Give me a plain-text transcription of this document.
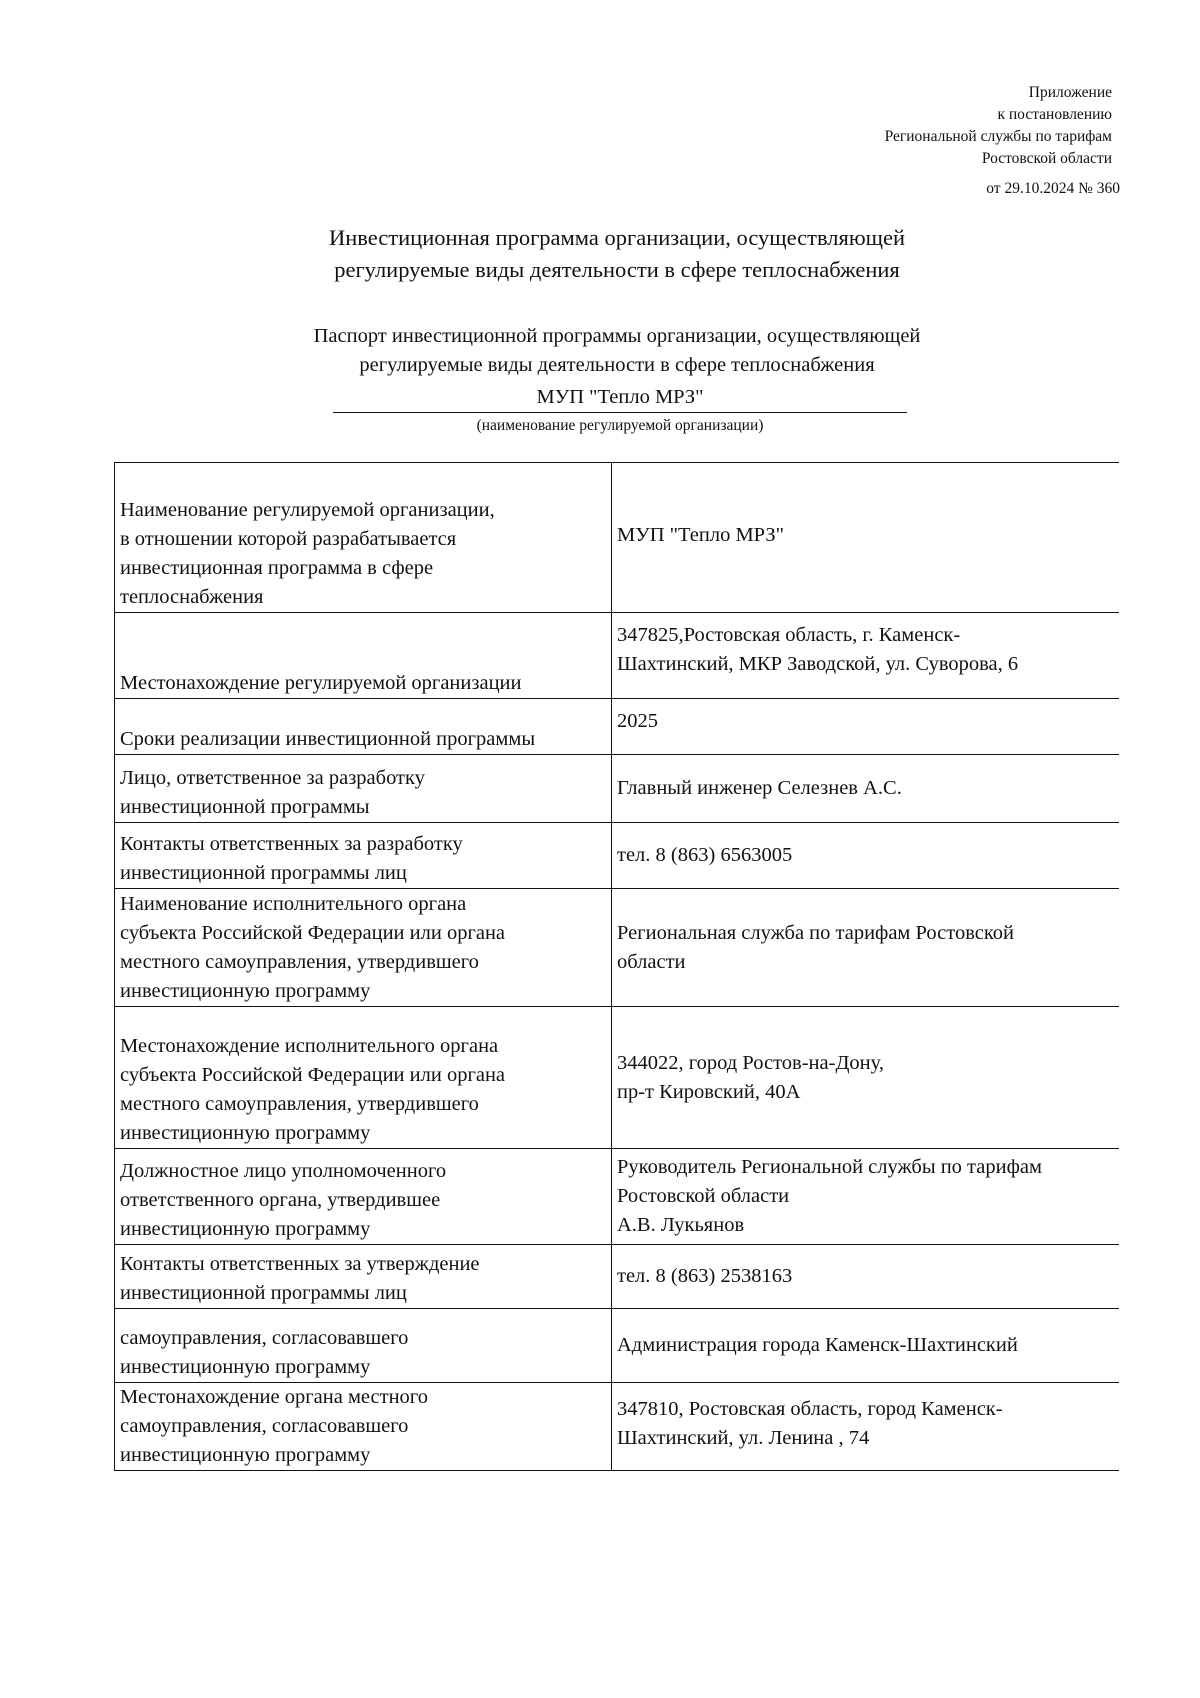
Приложение
к постановлению
Региональной службы по тарифам
Ростовской области
от 29.10.2024 № 360
Инвестиционная программа организации, осуществляющей
регулируемые виды деятельности в сфере теплоснабжения
Паспорт инвестиционной программы организации, осуществляющей
регулируемые виды деятельности в сфере теплоснабжения
МУП "Тепло МРЗ"
(наименование регулируемой организации)
Наименование регулируемой организации,
в отношении которой разрабатывается
инвестиционная программа в сфере
теплоснабжения	МУП "Тепло МРЗ"

Местонахождение регулируемой организации	347825,Ростовская область, г. Каменск-
Шахтинский, МКР Заводской, ул. Суворова, 6

Сроки реализации инвестиционной программы	2025

Лицо, ответственное за разработку
инвестиционной программы	Главный инженер Селезнев А.С.

Контакты ответственных за разработку
инвестиционной программы лиц	тел. 8 (863) 6563005

Наименование исполнительного органа
субъекта Российской Федерации или органа
местного самоуправления, утвердившего
инвестиционную программу	Региональная служба по тарифам Ростовской
области

Местонахождение исполнительного органа
субъекта Российской Федерации или органа
местного самоуправления, утвердившего
инвестиционную программу	344022, город Ростов-на-Дону,
пр-т Кировский, 40А

Должностное лицо уполномоченного
ответственного органа, утвердившее
инвестиционную программу	Руководитель Региональной службы по тарифам
Ростовской области
А.В. Лукьянов

Контакты ответственных за утверждение
инвестиционной программы лиц	тел. 8 (863) 2538163

самоуправления, согласовавшего
инвестиционную программу	Администрация города Каменск-Шахтинский

Местонахождение органа местного
самоуправления, согласовавшего
инвестиционную программу	347810, Ростовская область, город Каменск-
Шахтинский, ул. Ленина , 74
